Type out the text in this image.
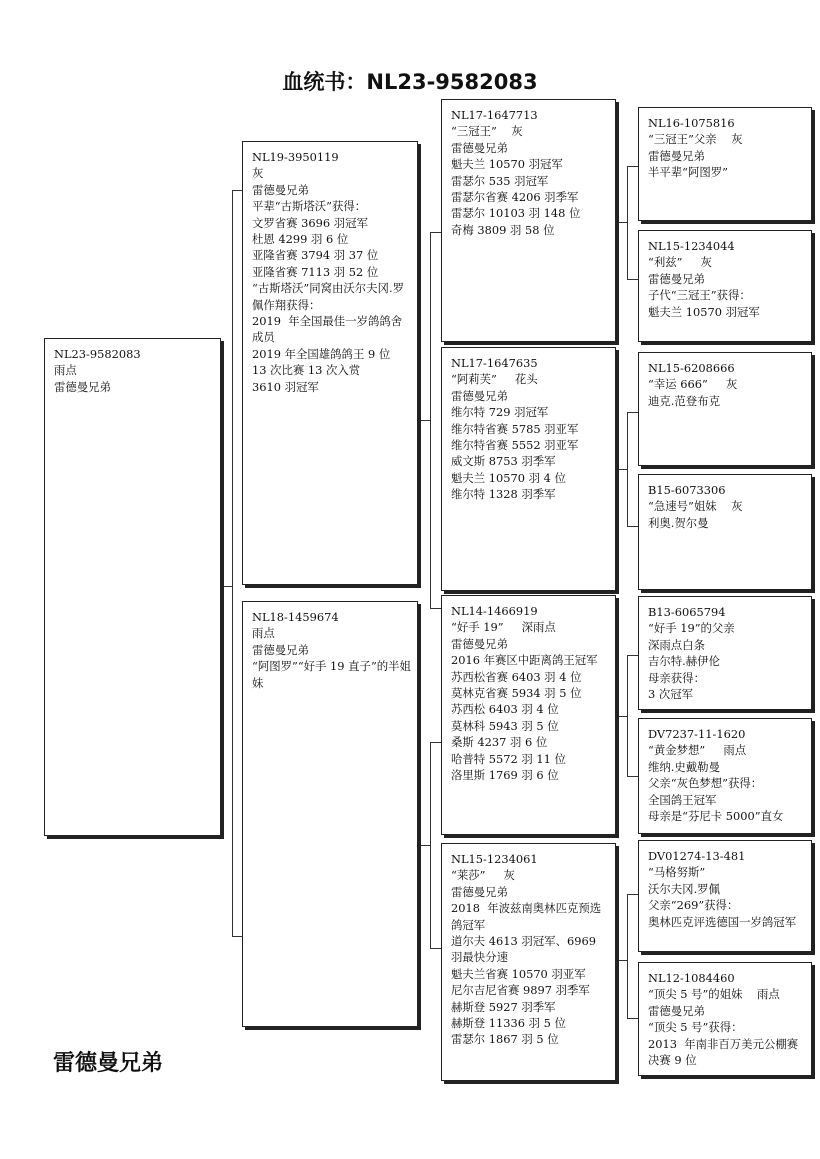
血统书：NL23-9582083
NL23-9582083
雨点
雷德曼兄弟
NL19-3950119
灰
雷德曼兄弟
平辈“古斯塔沃”获得：
文罗省赛 3696 羽冠军
杜恩 4299 羽 6 位
亚隆省赛 3794 羽 37 位
亚隆省赛 7113 羽 52 位
“古斯塔沃”同窝由沃尔夫冈.罗佩作翔获得：
2019  年全国最佳一岁鸽鸽舍成员
2019 年全国雄鸽鸽王 9 位
13 次比赛 13 次入赏
3610 羽冠军
NL18-1459674
雨点
雷德曼兄弟
“阿图罗”“好手 19 直子”的半姐妹
NL17-1647713
“三冠王”    灰
雷德曼兄弟
魁夫兰 10570 羽冠军
雷瑟尔 535 羽冠军
雷瑟尔省赛 4206 羽季军
雷瑟尔 10103 羽 148 位
奇梅 3809 羽 58 位
NL17-1647635
“阿莉芙”     花头
雷德曼兄弟
维尔特 729 羽冠军
维尔特省赛 5785 羽亚军
维尔特省赛 5552 羽亚军
威文斯 8753 羽季军
魁夫兰 10570 羽 4 位
维尔特 1328 羽季军
NL14-1466919
“好手 19”     深雨点
雷德曼兄弟
2016 年赛区中距离鸽王冠军
苏西松省赛 6403 羽 4 位
莫林克省赛 5934 羽 5 位
苏西松 6403 羽 4 位
莫林科 5943 羽 5 位
桑斯 4237 羽 6 位
哈普特 5572 羽 11 位
洛里斯 1769 羽 6 位
NL15-1234061
“莱莎”     灰
雷德曼兄弟
2018  年波兹南奥林匹克预选鸽冠军
道尔夫 4613 羽冠军、6969 羽最快分速
魁夫兰省赛 10570 羽亚军
尼尔吉尼省赛 9897 羽季军
赫斯登 5927 羽季军
赫斯登 11336 羽 5 位
雷瑟尔 1867 羽 5 位
NL16-1075816
“三冠王”父亲    灰
雷德曼兄弟
半平辈“阿图罗”
NL15-1234044
“利兹”     灰
雷德曼兄弟
子代“三冠王”获得：
魁夫兰 10570 羽冠军
NL15-6208666
“幸运 666”     灰
迪克.范登布克
B15-6073306
“急速号”姐妹    灰
利奥.贺尔曼
B13-6065794
“好手 19”的父亲
深雨点白条
吉尔特.赫伊伦
母亲获得：
3 次冠军
DV7237-11-1620
“黄金梦想”     雨点
维纳.史戴勒曼
父亲“灰色梦想”获得：
全国鸽王冠军
母亲是“芬尼卡 5000”直女
DV01274-13-481
“马格努斯”
沃尔夫冈.罗佩
父亲“269”获得：
奥林匹克评选德国一岁鸽冠军
NL12-1084460
“顶尖 5 号”的姐妹    雨点
雷德曼兄弟
“顶尖 5 号”获得：
2013  年南非百万美元公棚赛决赛 9 位
雷德曼兄弟
